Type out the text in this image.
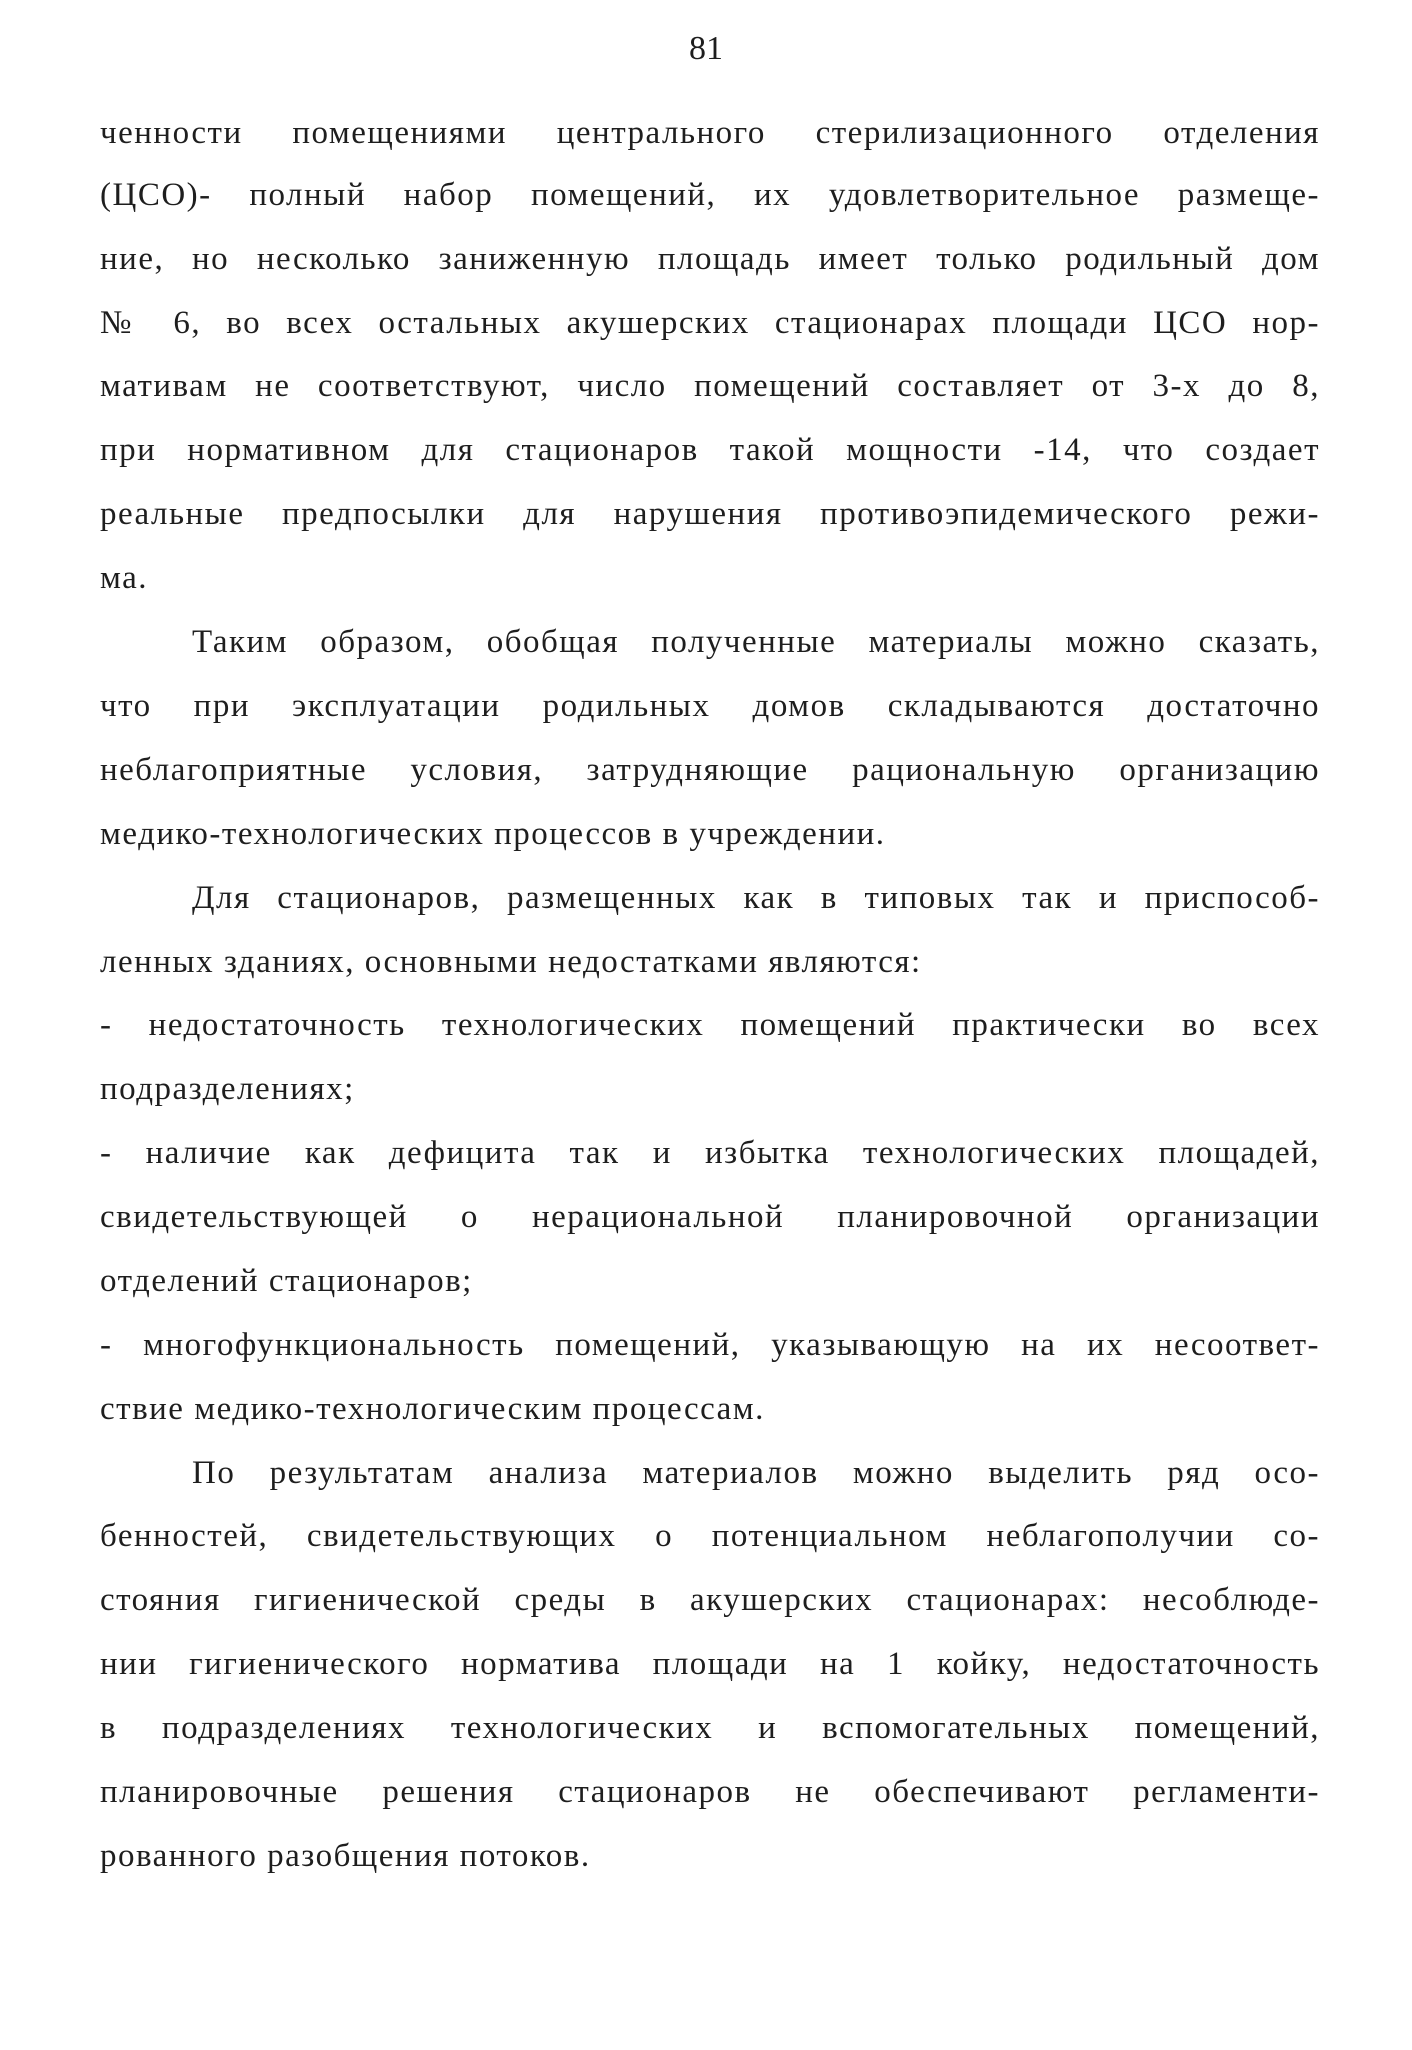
81
ченности помещениями центрального стерилизационного отделения
(ЦСО)- полный набор помещений, их удовлетворительное размеще-
ние, но несколько заниженную площадь имеет только родильный дом
№ 6, во всех остальных акушерских стационарах площади ЦСО нор-
мативам не соответствуют, число помещений составляет от 3-х до 8,
при нормативном для стационаров такой мощности -14, что создает
реальные предпосылки для нарушения противоэпидемического режи-
ма.
Таким образом, обобщая полученные материалы можно сказать,
что при эксплуатации родильных домов складываются достаточно
неблагоприятные условия, затрудняющие рациональную организацию
медико-технологических процессов в учреждении.
Для стационаров, размещенных как в типовых так и приспособ-
ленных зданиях, основными недостатками являются:
- недостаточность технологических помещений практически во всех
подразделениях;
- наличие как дефицита так и избытка технологических площадей,
свидетельствующей о нерациональной планировочной организации
отделений стационаров;
- многофункциональность помещений, указывающую на их несоответ-
ствие медико-технологическим процессам.
По результатам анализа материалов можно выделить ряд осо-
бенностей, свидетельствующих о потенциальном неблагополучии со-
стояния гигиенической среды в акушерских стационарах: несоблюде-
нии гигиенического норматива площади на 1 койку, недостаточность
в подразделениях технологических и вспомогательных помещений,
планировочные решения стационаров не обеспечивают регламенти-
рованного разобщения потоков.
